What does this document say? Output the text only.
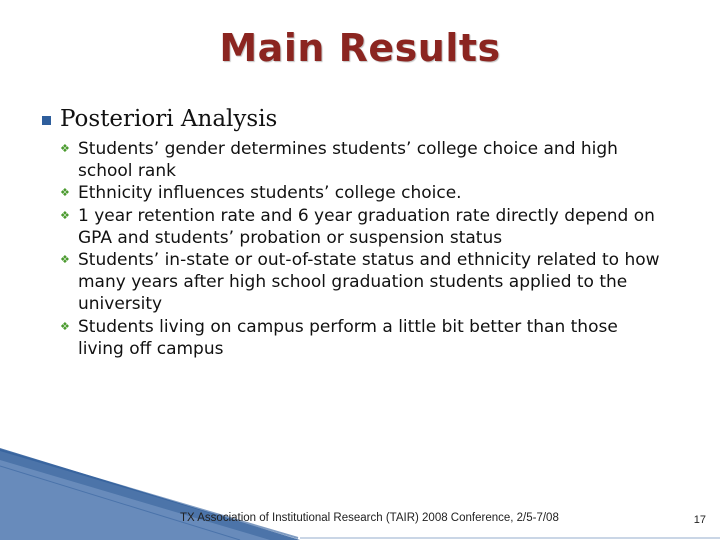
Main Results
Posteriori Analysis
❖ Students’ gender determines students’ college choice and high school rank
❖ Ethnicity influences students’ college choice.
❖ 1 year retention rate and 6 year graduation rate directly depend on GPA and students’ probation or suspension status
❖ Students’ in-state or out-of-state status and ethnicity related to how many years after high school graduation students applied to the university
❖ Students living on campus perform a little bit better than those living off campus
TX Association of Institutional Research (TAIR) 2008 Conference, 2/5-7/08	17
